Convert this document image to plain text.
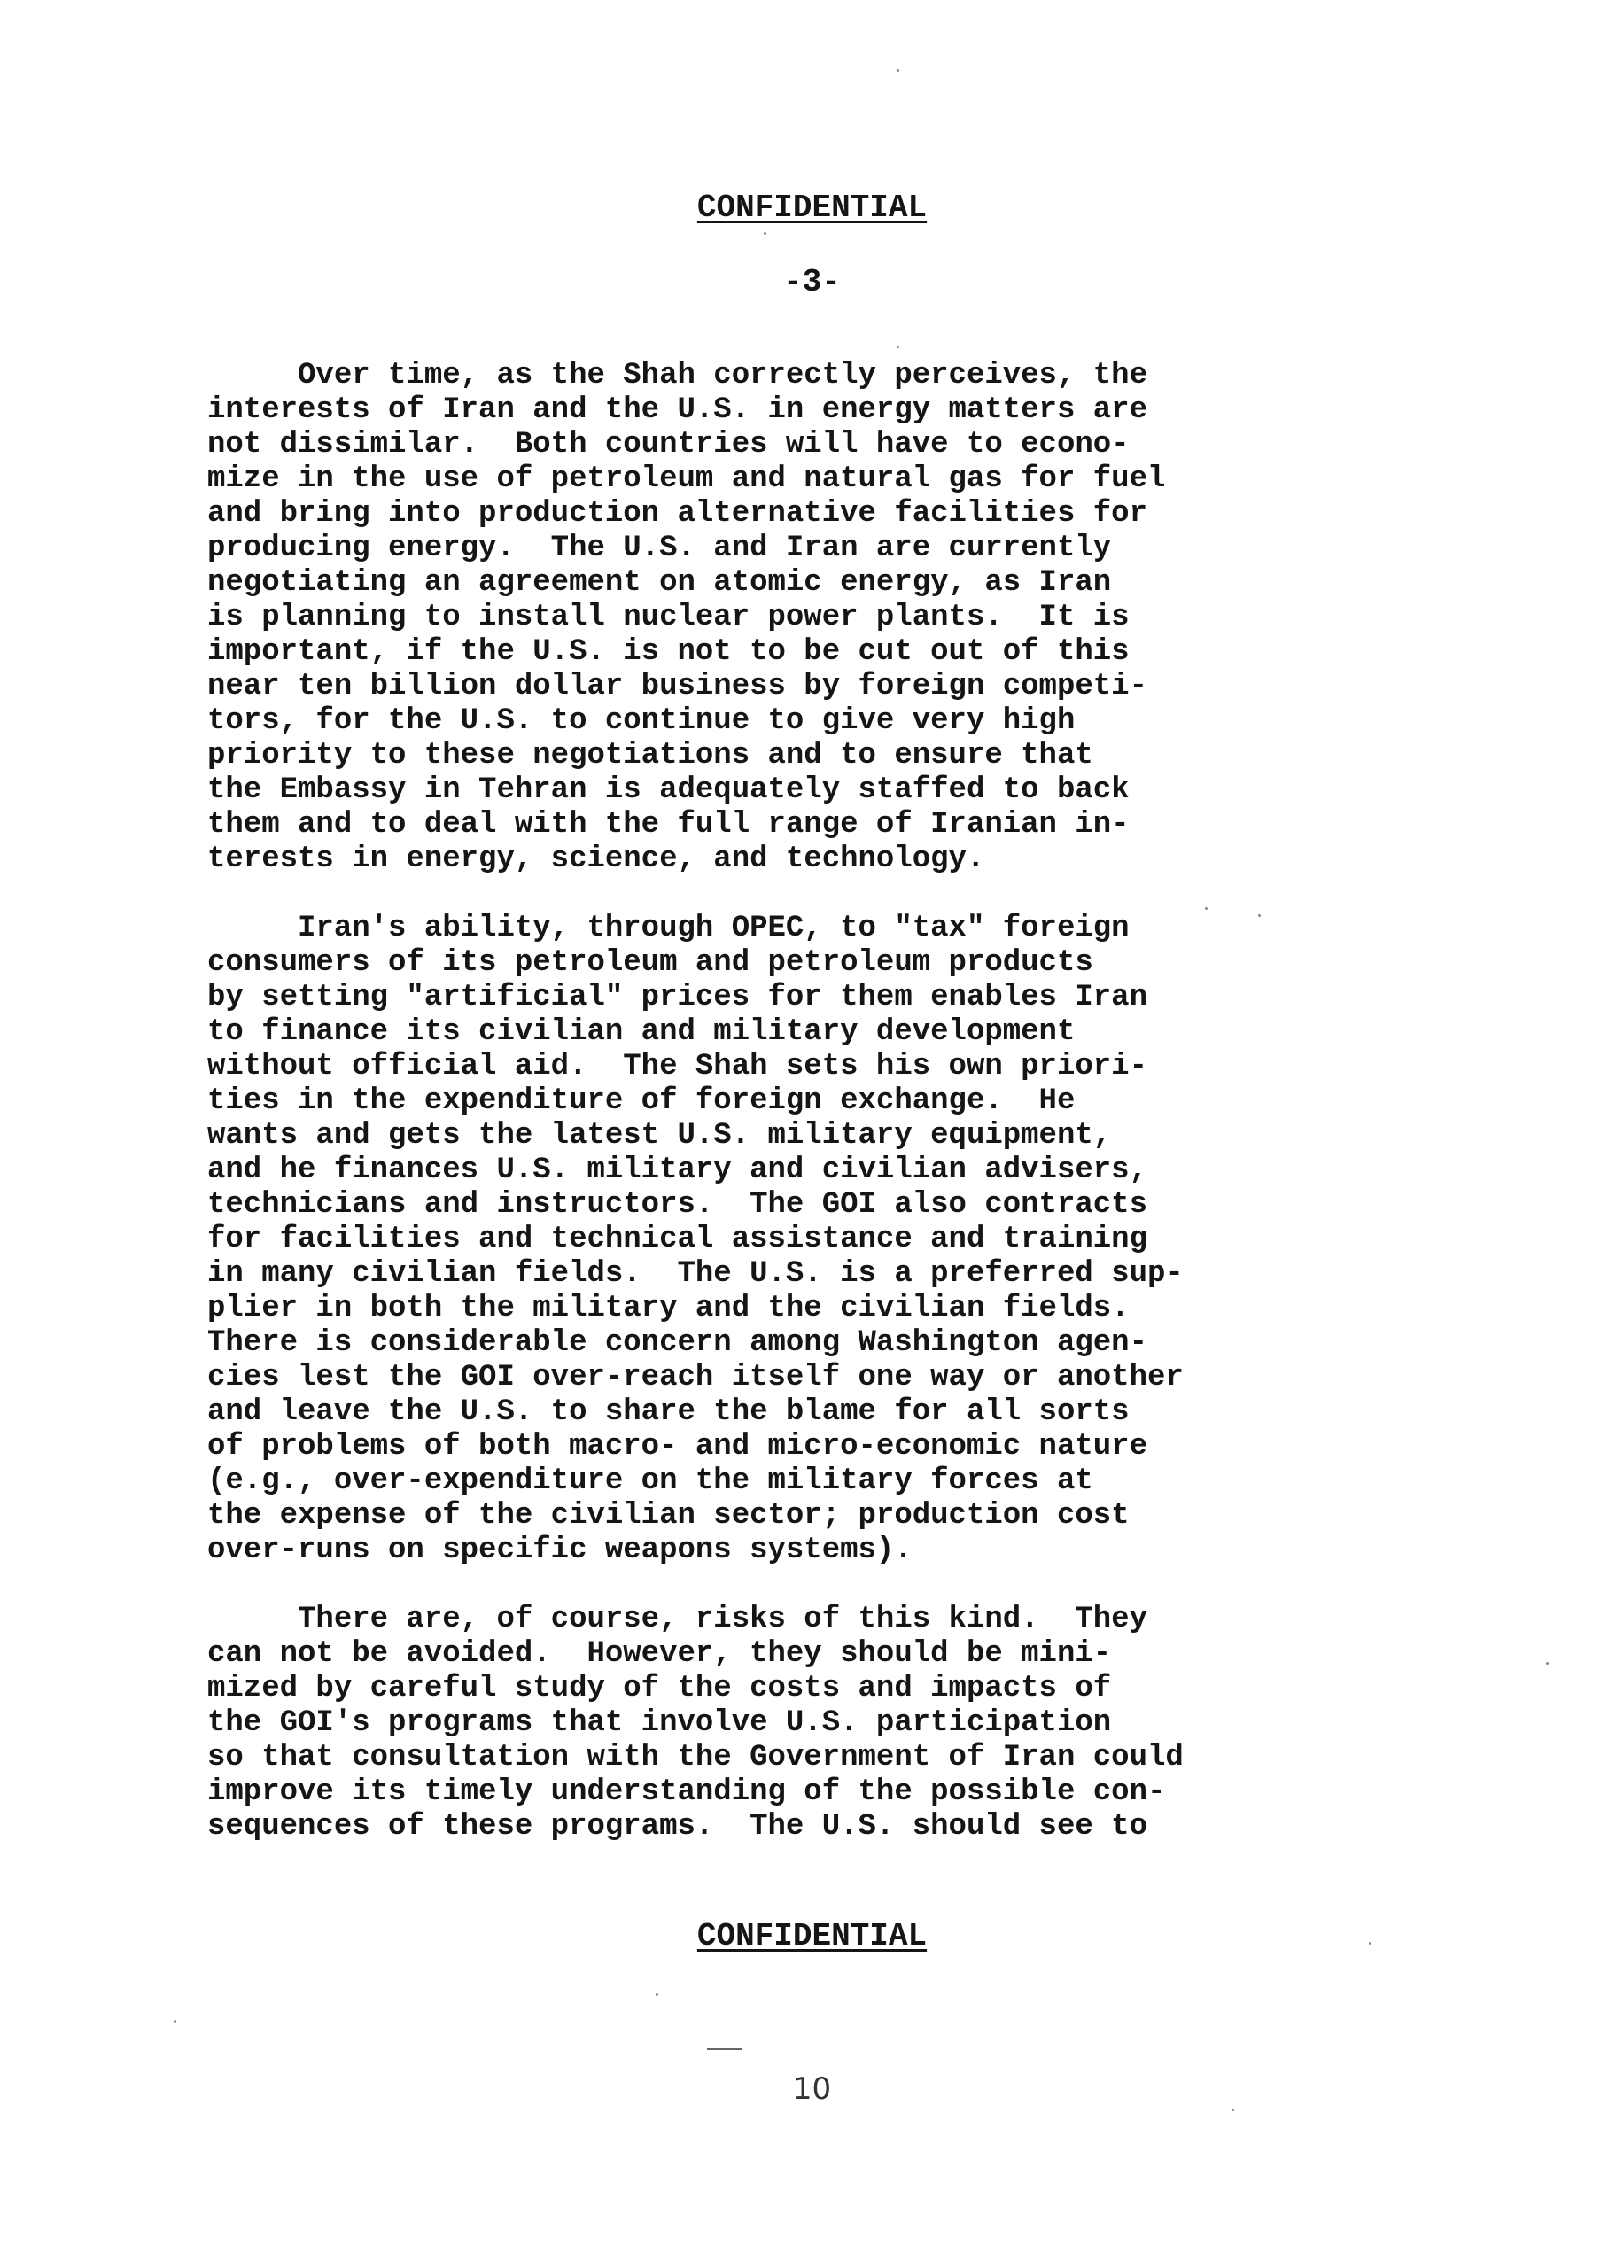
CONFIDENTIAL
-3-
Over time, as the Shah correctly perceives, the
interests of Iran and the U.S. in energy matters are
not dissimilar.  Both countries will have to econo-
mize in the use of petroleum and natural gas for fuel
and bring into production alternative facilities for
producing energy.  The U.S. and Iran are currently
negotiating an agreement on atomic energy, as Iran
is planning to install nuclear power plants.  It is
important, if the U.S. is not to be cut out of this
near ten billion dollar business by foreign competi-
tors, for the U.S. to continue to give very high
priority to these negotiations and to ensure that
the Embassy in Tehran is adequately staffed to back
them and to deal with the full range of Iranian in-
terests in energy, science, and technology.
Iran's ability, through OPEC, to "tax" foreign
consumers of its petroleum and petroleum products
by setting "artificial" prices for them enables Iran
to finance its civilian and military development
without official aid.  The Shah sets his own priori-
ties in the expenditure of foreign exchange.  He
wants and gets the latest U.S. military equipment,
and he finances U.S. military and civilian advisers,
technicians and instructors.  The GOI also contracts
for facilities and technical assistance and training
in many civilian fields.  The U.S. is a preferred sup-
plier in both the military and the civilian fields.
There is considerable concern among Washington agen-
cies lest the GOI over-reach itself one way or another
and leave the U.S. to share the blame for all sorts
of problems of both macro- and micro-economic nature
(e.g., over-expenditure on the military forces at
the expense of the civilian sector; production cost
over-runs on specific weapons systems).
There are, of course, risks of this kind.  They
can not be avoided.  However, they should be mini-
mized by careful study of the costs and impacts of
the GOI's programs that involve U.S. participation
so that consultation with the Government of Iran could
improve its timely understanding of the possible con-
sequences of these programs.  The U.S. should see to
CONFIDENTIAL
10
